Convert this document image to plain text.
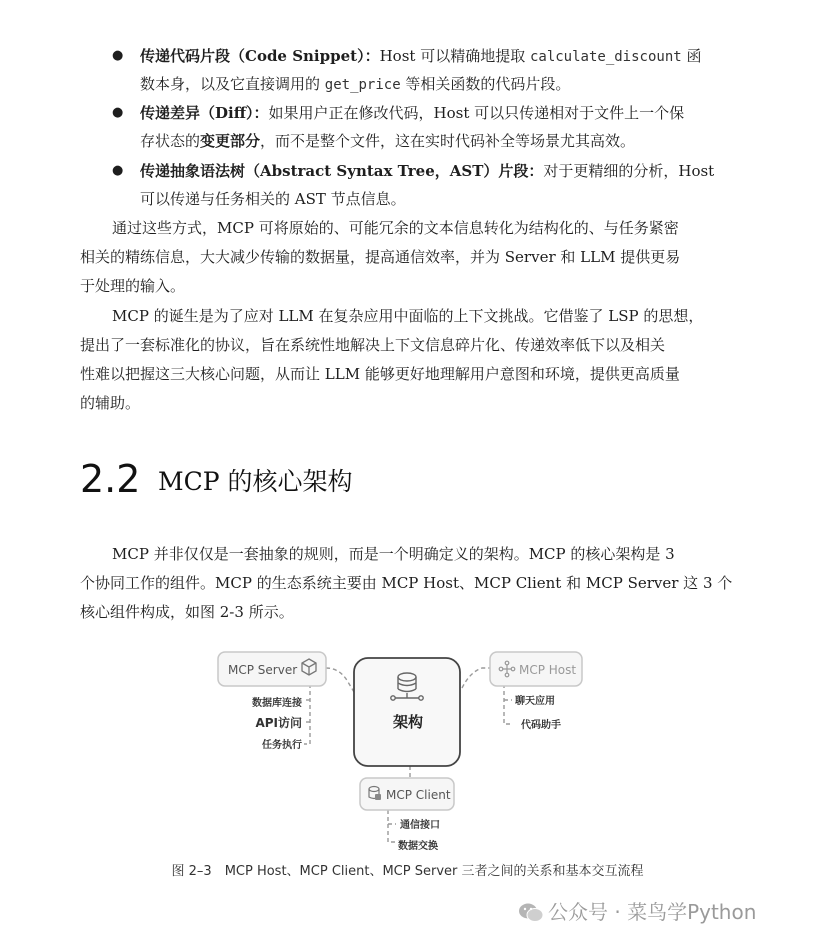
● 传递代码片段（Code Snippet）：Host 可以精确地提取 calculate_discount 函
数本身，以及它直接调用的 get_price 等相关函数的代码片段。
● 传递差异（Diff）：如果用户正在修改代码，Host 可以只传递相对于文件上一个保
存状态的变更部分，而不是整个文件，这在实时代码补全等场景尤其高效。
● 传递抽象语法树（Abstract Syntax Tree，AST）片段：对于更精细的分析，Host
可以传递与任务相关的 AST 节点信息。
通过这些方式，MCP 可将原始的、可能冗余的文本信息转化为结构化的、与任务紧密
相关的精练信息，大大减少传输的数据量，提高通信效率，并为 Server 和 LLM 提供更易
于处理的输入。
MCP 的诞生是为了应对 LLM 在复杂应用中面临的上下文挑战。它借鉴了 LSP 的思想，
提出了一套标准化的协议，旨在系统性地解决上下文信息碎片化、传递效率低下以及相关
性难以把握这三大核心问题，从而让 LLM 能够更好地理解用户意图和环境，提供更高质量
的辅助。
2.2 MCP 的核心架构
MCP 并非仅仅是一套抽象的规则，而是一个明确定义的架构。MCP 的核心架构是 3
个协同工作的组件。MCP 的生态系统主要由 MCP Host、MCP Client 和 MCP Server 这 3 个
核心组件构成，如图 2-3 所示。
MCP Server
数据库连接
API访问
任务执行
架构
MCP Host
聊天应用
代码助手
MCP Client
通信接口
数据交换
图 2–3　MCP Host、MCP Client、MCP Server 三者之间的关系和基本交互流程
公众号 · 菜鸟学Python
